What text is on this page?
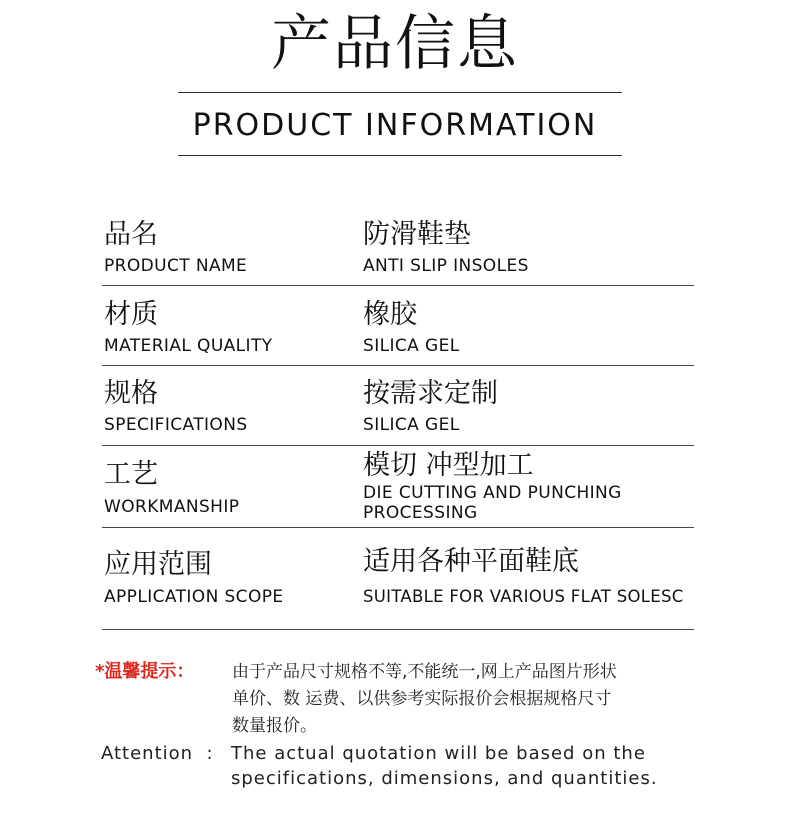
产品信息
PRODUCT INFORMATION
品名
PRODUCT NAME
防滑鞋垫
ANTI SLIP INSOLES
材质
MATERIAL QUALITY
橡胶
SILICA GEL
规格
SPECIFICATIONS
按需求定制
SILICA GEL
工艺
WORKMANSHIP
模切 冲型加工
DIE CUTTING AND PUNCHING
PROCESSING
应用范围
APPLICATION SCOPE
适用各种平面鞋底
SUITABLE FOR VARIOUS FLAT SOLESC
*温馨提示： 由于产品尺寸规格不等,不能统一,网上产品图片形状
单价、数 运费、以供参考实际报价会根据规格尺寸
数量报价。
Attention  : The actual quotation will be based on the
specifications, dimensions, and quantities.
